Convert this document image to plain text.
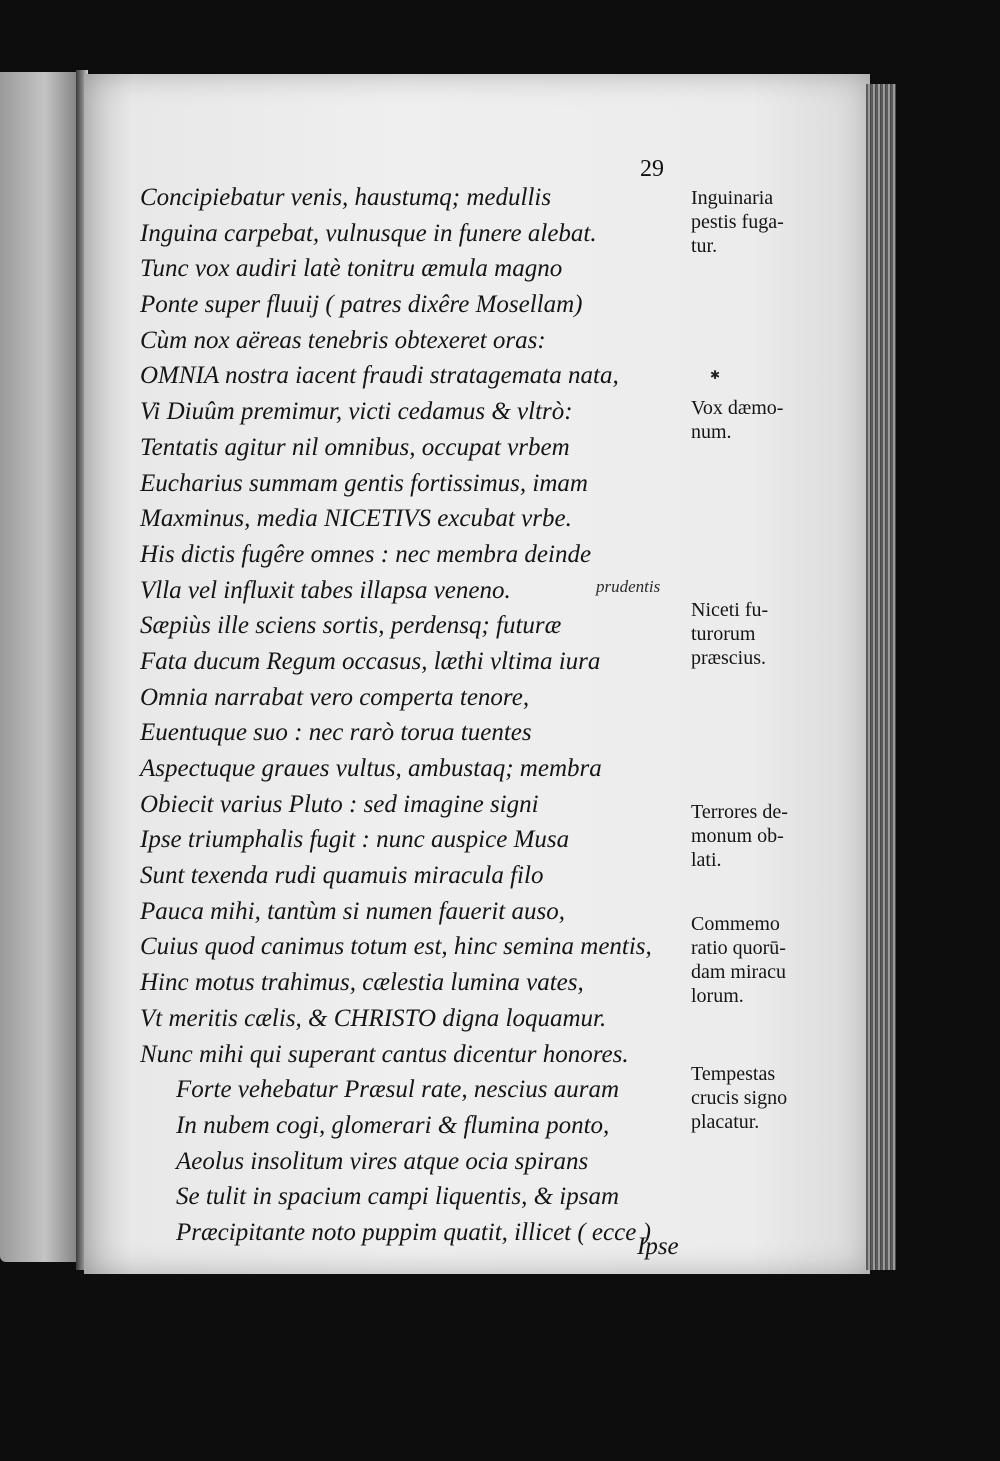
29
Concipiebatur venis, haustumq; medullis
Inguina carpebat, vulnusque in funere alebat.
Tunc vox audiri latè tonitru æmula magno
Ponte super fluuij ( patres dixêre Mosellam)
Cùm nox aëreas tenebris obtexeret oras:
OMNIA nostra iacent fraudi stratagemata nata,
Vi Diuûm premimur, victi cedamus & vltrò:
Tentatis agitur nil omnibus, occupat vrbem
Eucharius summam gentis fortissimus, imam
Maxminus, media NICETIVS excubat vrbe.
His dictis fugêre omnes : nec membra deinde
Vlla vel influxit tabes illapsa veneno.
Sæpiùs ille sciens sortis, perdensq; futuræ
Fata ducum Regum occasus, læthi vltima iura
Omnia narrabat vero comperta tenore,
Euentuque suo : nec rarò torua tuentes
Aspectuque graues vultus, ambustaq; membra
Obiecit varius Pluto : sed imagine signi
Ipse triumphalis fugit : nunc auspice Musa
Sunt texenda rudi quamuis miracula filo
Pauca mihi, tantùm si numen fauerit auso,
Cuius quod canimus totum est, hinc semina mentis,
Hinc motus trahimus, cælestia lumina vates,
Vt meritis cælis, & CHRISTO digna loquamur.
Nunc mihi qui superant cantus dicentur honores.
Forte vehebatur Præsul rate, nescius auram
In nubem cogi, glomerari & flumina ponto,
Aeolus insolitum vires atque ocia spirans
Se tulit in spacium campi liquentis, & ipsam
Præcipitante noto puppim quatit, illicet ( ecce )
prudentis
✱
Inguinaria
pestis fuga-
tur.
Vox dæmo-
num.
Niceti fu-
turorum
præscius.
Terrores de-
monum ob-
lati.
Commemo
ratio quorū-
dam miracu
lorum.
Tempestas
crucis signo
placatur.
Ipse
